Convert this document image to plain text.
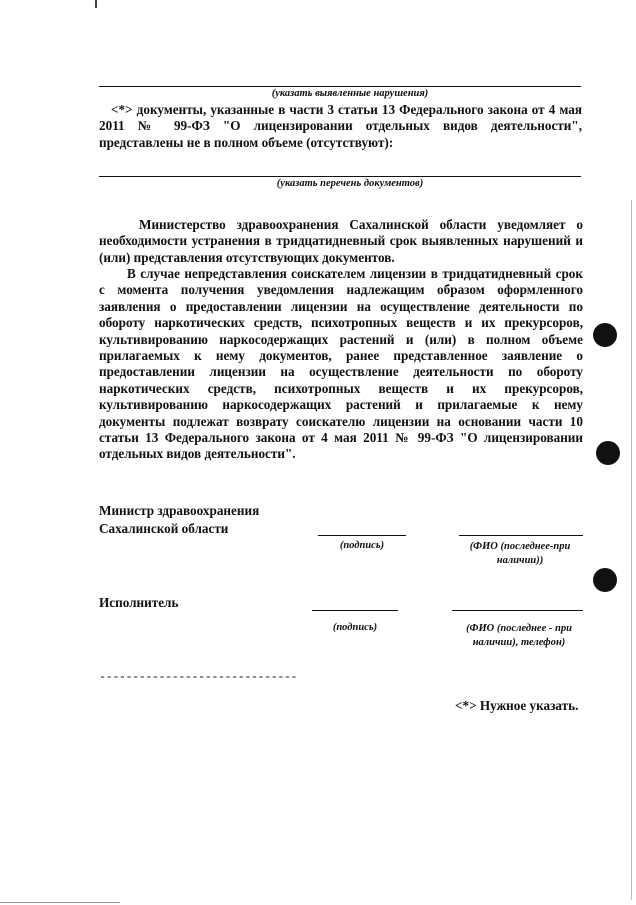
(указать выявленные нарушения)
<*> документы, указанные в части 3 статьи 13 Федерального закона от 4 мая 2011 № 99-ФЗ "О лицензировании отдельных видов деятельности", представлены не в полном объеме (отсутствуют):
(указать перечень документов)
Министерство здравоохранения Сахалинской области уведомляет о необходимости устранения в тридцатидневный срок выявленных нарушений и (или) представления отсутствующих документов.
В случае непредставления соискателем лицензии в тридцатидневный срок с момента получения уведомления надлежащим образом оформленного заявления о предоставлении лицензии на осуществление деятельности по обороту наркотических средств, психотропных веществ и их прекурсоров, культивированию наркосодержащих растений и (или) в полном объеме прилагаемых к нему документов, ранее представленное заявление о предоставлении лицензии на осуществление деятельности по обороту наркотических средств, психотропных веществ и их прекурсоров, культивированию наркосодержащих растений и прилагаемые к нему документы подлежат возврату соискателю лицензии на основании части 10 статьи 13 Федерального закона от 4 мая 2011 № 99-ФЗ "О лицензировании отдельных видов деятельности".
Министр здравоохранения
Сахалинской области
(подпись)	(ФИО (последнее-при наличии))
Исполнитель
(подпись)	(ФИО (последнее - при наличии), телефон)
------------------------------
<*> Нужное указать.
